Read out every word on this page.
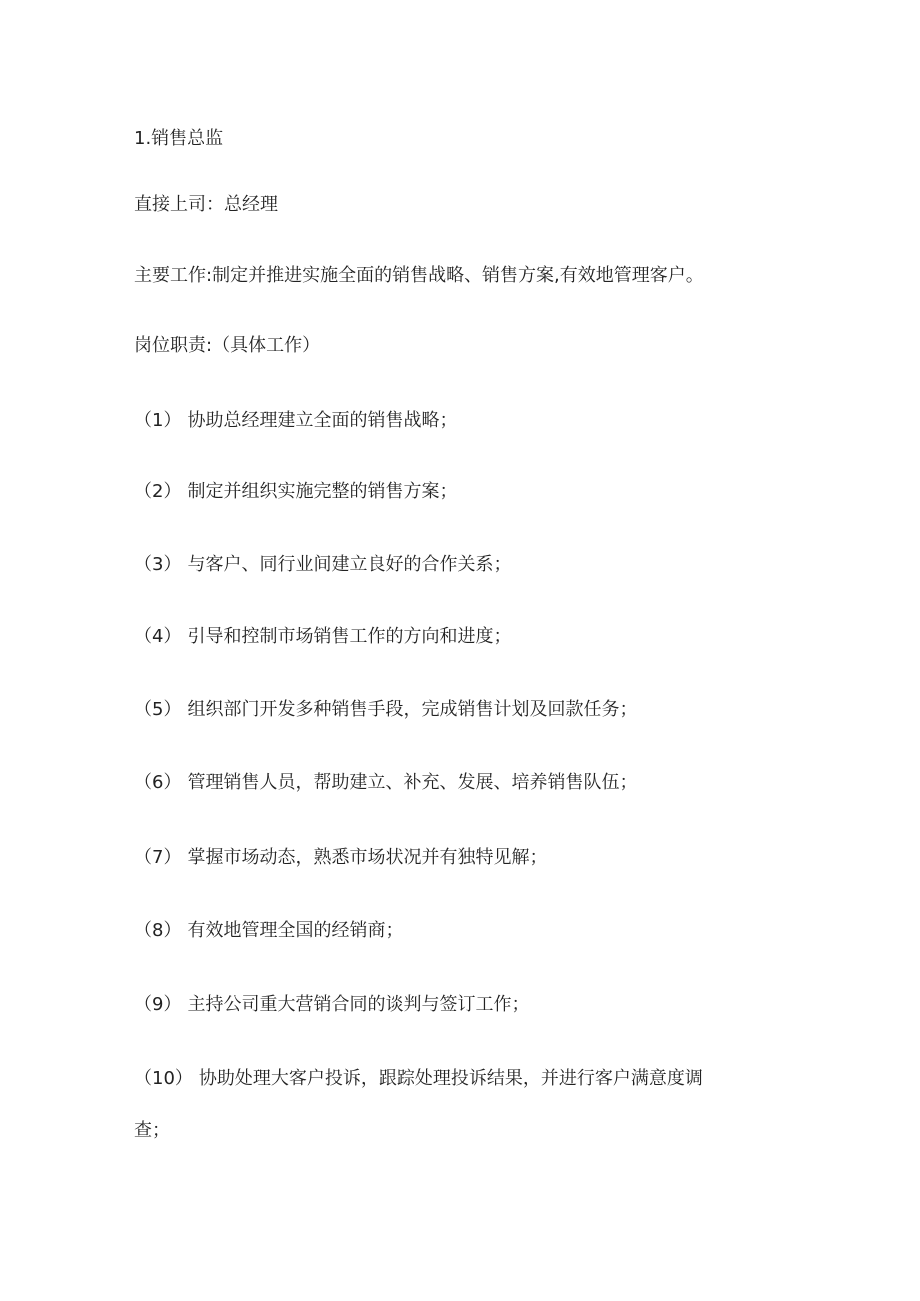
1.销售总监
直接上司：总经理
主要工作:制定并推进实施全面的销售战略、销售方案,有效地管理客户。
岗位职责:（具体工作）
（1） 协助总经理建立全面的销售战略；
（2） 制定并组织实施完整的销售方案；
（3） 与客户、同行业间建立良好的合作关系；
（4） 引导和控制市场销售工作的方向和进度；
（5） 组织部门开发多种销售手段，完成销售计划及回款任务；
（6） 管理销售人员，帮助建立、补充、发展、培养销售队伍；
（7） 掌握市场动态，熟悉市场状况并有独特见解；
（8） 有效地管理全国的经销商；
（9） 主持公司重大营销合同的谈判与签订工作；
（10） 协助处理大客户投诉，跟踪处理投诉结果，并进行客户满意度调
查；
